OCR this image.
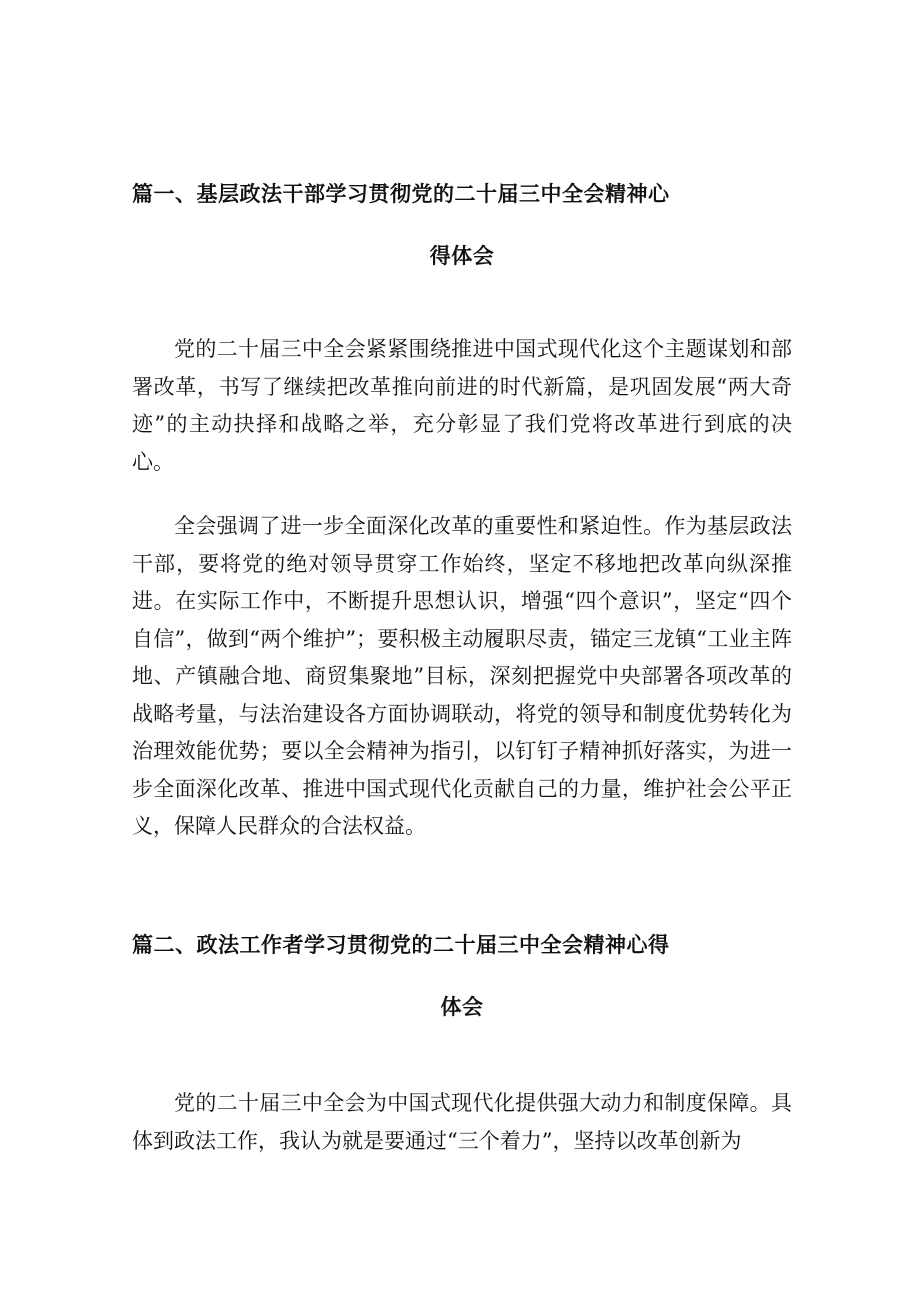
篇一、基层政法干部学习贯彻党的二十届三中全会精神心
得体会

党的二十届三中全会紧紧围绕推进中国式现代化这个主题谋划和部署改革，书写了继续把改革推向前进的时代新篇，是巩固发展“两大奇迹”的主动抉择和战略之举，充分彰显了我们党将改革进行到底的决心。

全会强调了进一步全面深化改革的重要性和紧迫性。作为基层政法干部，要将党的绝对领导贯穿工作始终，坚定不移地把改革向纵深推进。在实际工作中，不断提升思想认识，增强“四个意识”，坚定“四个自信”，做到“两个维护”；要积极主动履职尽责，锚定三龙镇“工业主阵地、产镇融合地、商贸集聚地”目标，深刻把握党中央部署各项改革的战略考量，与法治建设各方面协调联动，将党的领导和制度优势转化为治理效能优势；要以全会精神为指引，以钉钉子精神抓好落实，为进一步全面深化改革、推进中国式现代化贡献自己的力量，维护社会公平正义，保障人民群众的合法权益。

篇二、政法工作者学习贯彻党的二十届三中全会精神心得
体会

党的二十届三中全会为中国式现代化提供强大动力和制度保障。具体到政法工作，我认为就是要通过“三个着力”，坚持以改革创新为
